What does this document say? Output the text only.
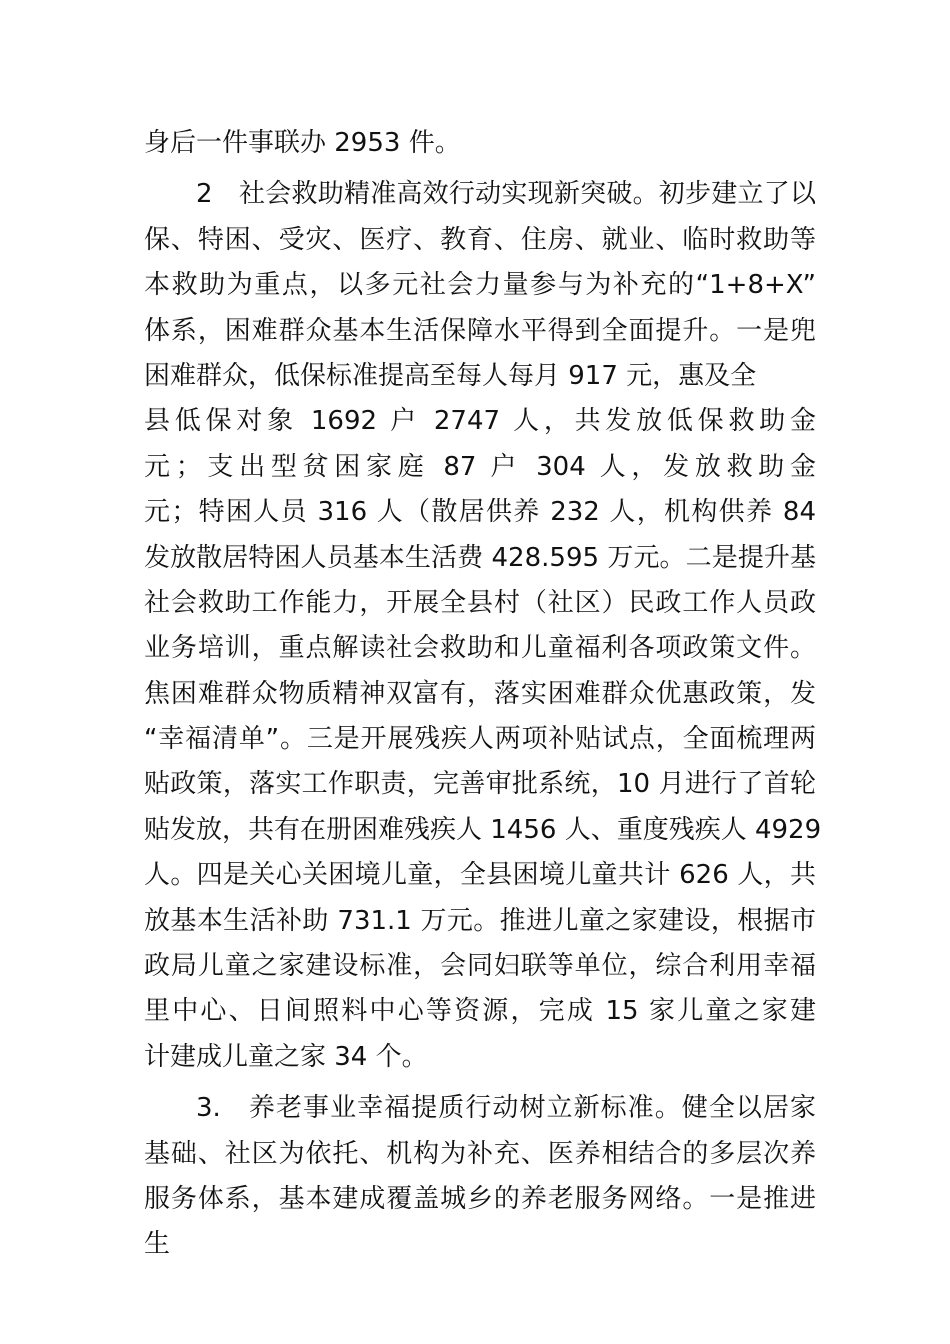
身后一件事联办 2953 件。
2　社会救助精准高效行动实现新突破。初步建立了以
保、特困、受灾、医疗、教育、住房、就业、临时救助等
本救助为重点，以多元社会力量参与为补充的“1+8+X”
体系，困难群众基本生活保障水平得到全面提升。一是兜
困难群众，低保标准提高至每人每月 917 元，惠及全
县低保对象 1692 户 2747 人，共发放低保救助金
元；支出型贫困家庭 87 户 304 人，发放救助金
元；特困人员 316 人（散居供养 232 人，机构供养 84
发放散居特困人员基本生活费 428.595 万元。二是提升基
社会救助工作能力，开展全县村（社区）民政工作人员政
业务培训，重点解读社会救助和儿童福利各项政策文件。
焦困难群众物质精神双富有，落实困难群众优惠政策，发
“幸福清单”。三是开展残疾人两项补贴试点，全面梳理两
贴政策，落实工作职责，完善审批系统，10 月进行了首轮
贴发放，共有在册困难残疾人 1456 人、重度残疾人 4929
人。四是关心关困境儿童，全县困境儿童共计 626 人，共
放基本生活补助 731.1 万元。推进儿童之家建设，根据市
政局儿童之家建设标准，会同妇联等单位，综合利用幸福
里中心、日间照料中心等资源，完成 15 家儿童之家建
计建成儿童之家 34 个。
3.　养老事业幸福提质行动树立新标准。健全以居家
基础、社区为依托、机构为补充、医养相结合的多层次养
服务体系，基本建成覆盖城乡的养老服务网络。一是推进
生
